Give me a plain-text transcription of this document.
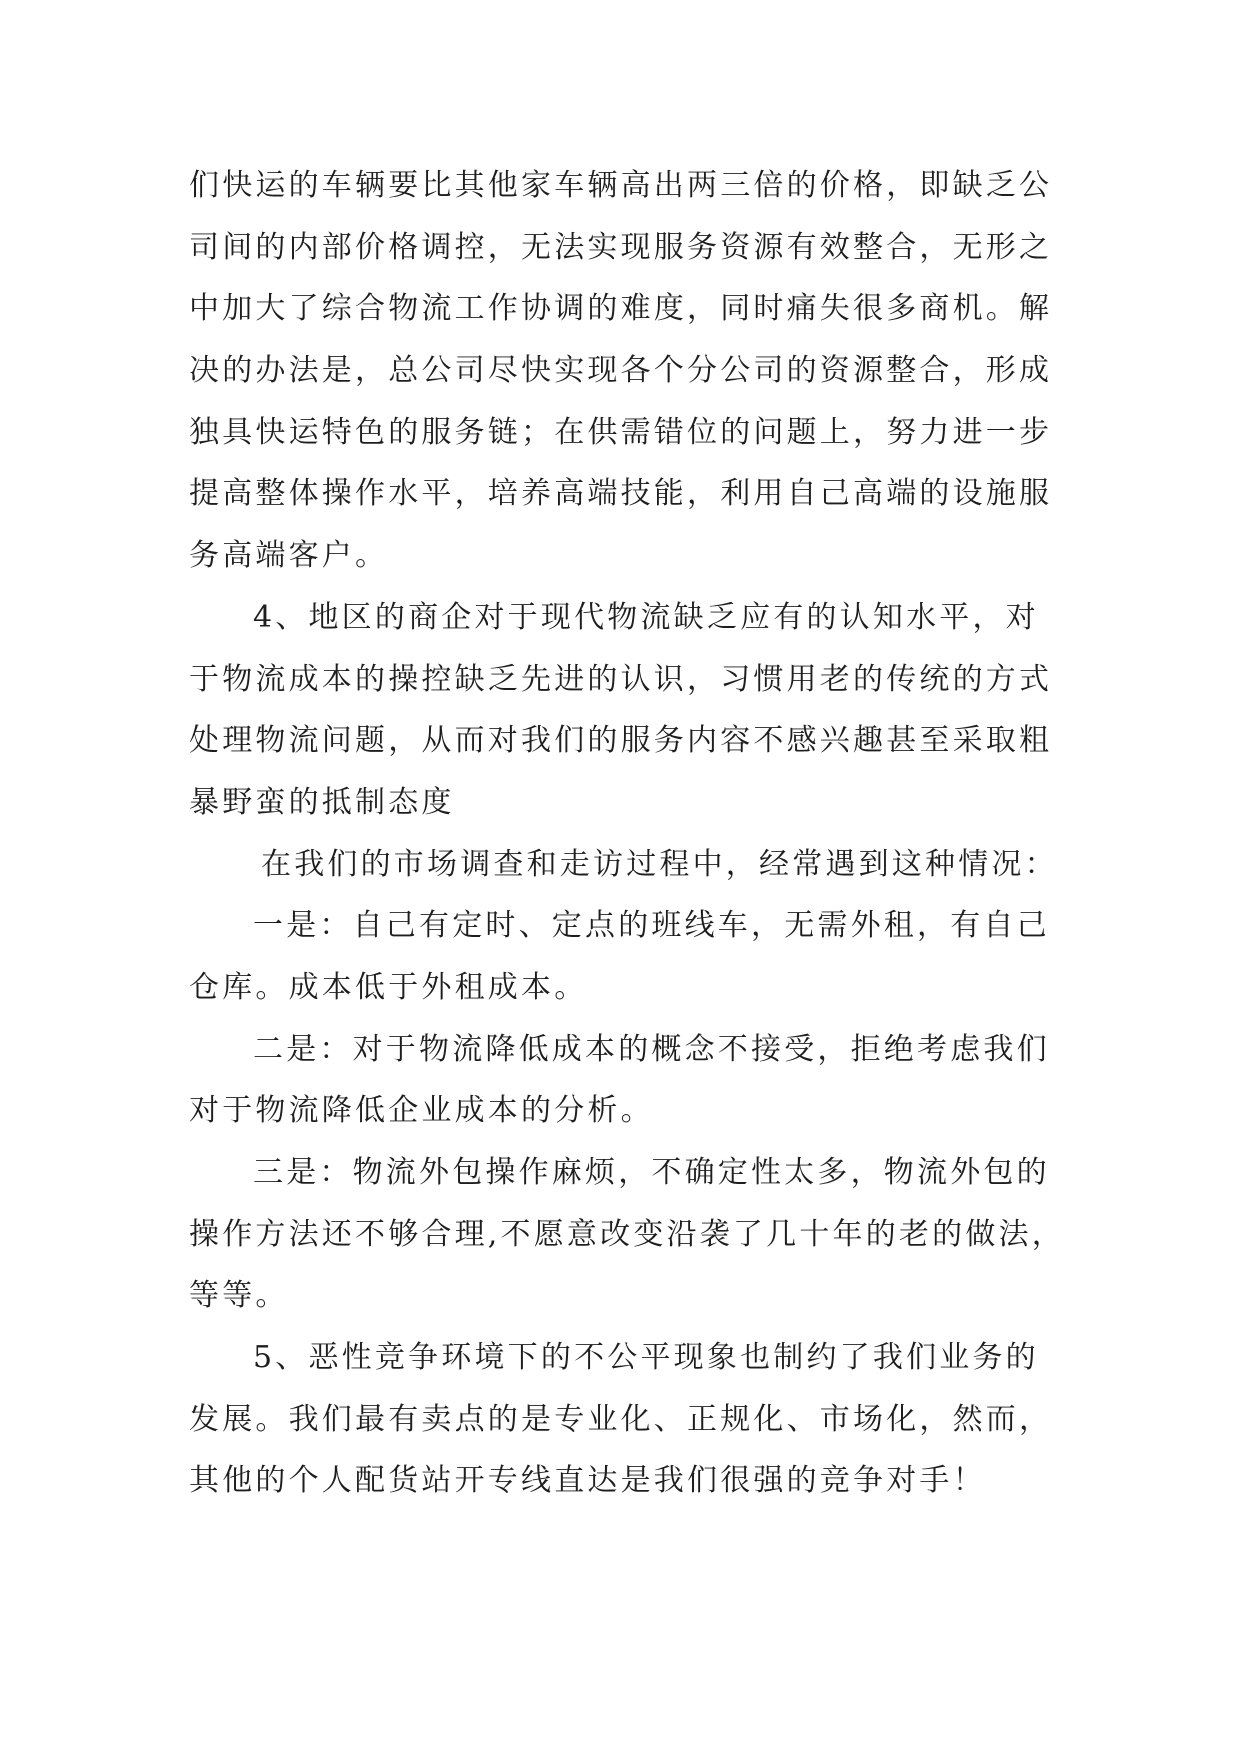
们快运的车辆要比其他家车辆高出两三倍的价格，即缺乏公
司间的内部价格调控，无法实现服务资源有效整合，无形之
中加大了综合物流工作协调的难度，同时痛失很多商机。解
决的办法是，总公司尽快实现各个分公司的资源整合，形成
独具快运特色的服务链；在供需错位的问题上，努力进一步
提高整体操作水平，培养高端技能，利用自己高端的设施服
务高端客户。
4、地区的商企对于现代物流缺乏应有的认知水平，对
于物流成本的操控缺乏先进的认识，习惯用老的传统的方式
处理物流问题，从而对我们的服务内容不感兴趣甚至采取粗
暴野蛮的抵制态度
在我们的市场调查和走访过程中，经常遇到这种情况：
一是：自己有定时、定点的班线车，无需外租，有自己
仓库。成本低于外租成本。
二是：对于物流降低成本的概念不接受，拒绝考虑我们
对于物流降低企业成本的分析。
三是：物流外包操作麻烦，不确定性太多，物流外包的
操作方法还不够合理,不愿意改变沿袭了几十年的老的做法，
等等。
5、恶性竞争环境下的不公平现象也制约了我们业务的
发展。我们最有卖点的是专业化、正规化、市场化，然而，
其他的个人配货站开专线直达是我们很强的竞争对手！
